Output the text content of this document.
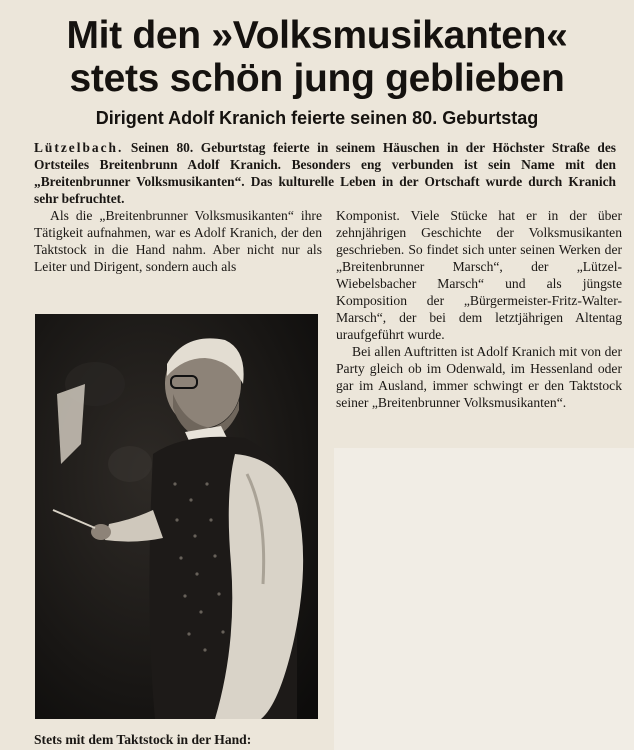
Mit den »Volksmusikanten«
stets schön jung geblieben
Dirigent Adolf Kranich feierte seinen 80. Geburtstag
Lützelbach. Seinen 80. Geburtstag feierte in seinem Häuschen in der Höchster Straße des Ortsteiles Breitenbrunn Adolf Kranich. Besonders eng verbunden ist sein Name mit den „Breitenbrunner Volksmusikanten“. Das kulturelle Leben in der Ortschaft wurde durch Kranich sehr befruchtet.

Als die „Breitenbrunner Volksmusikanten“ ihre Tätigkeit aufnahmen, war es Adolf Kranich, der den Taktstock in die Hand nahm. Aber nicht nur als Leiter und Dirigent, sondern auch als

Komponist. Viele Stücke hat er in der über zehnjährigen Geschichte der Volksmusikanten geschrieben. So findet sich unter seinen Werken der „Breitenbrunner Marsch“, der „Lützel-Wiebelsbacher Marsch“ und als jüngste Komposition der „Bürgermeister-Fritz-Walter-Marsch“, der bei dem letztjährigen Altentag uraufgeführt wurde.

Bei allen Auftritten ist Adolf Kranich mit von der Party gleich ob im Odenwald, im Hessenland oder gar im Ausland, immer schwingt er den Taktstock seiner „Breitenbrunner Volksmusikanten“.

Stets mit dem Taktstock in der Hand:
